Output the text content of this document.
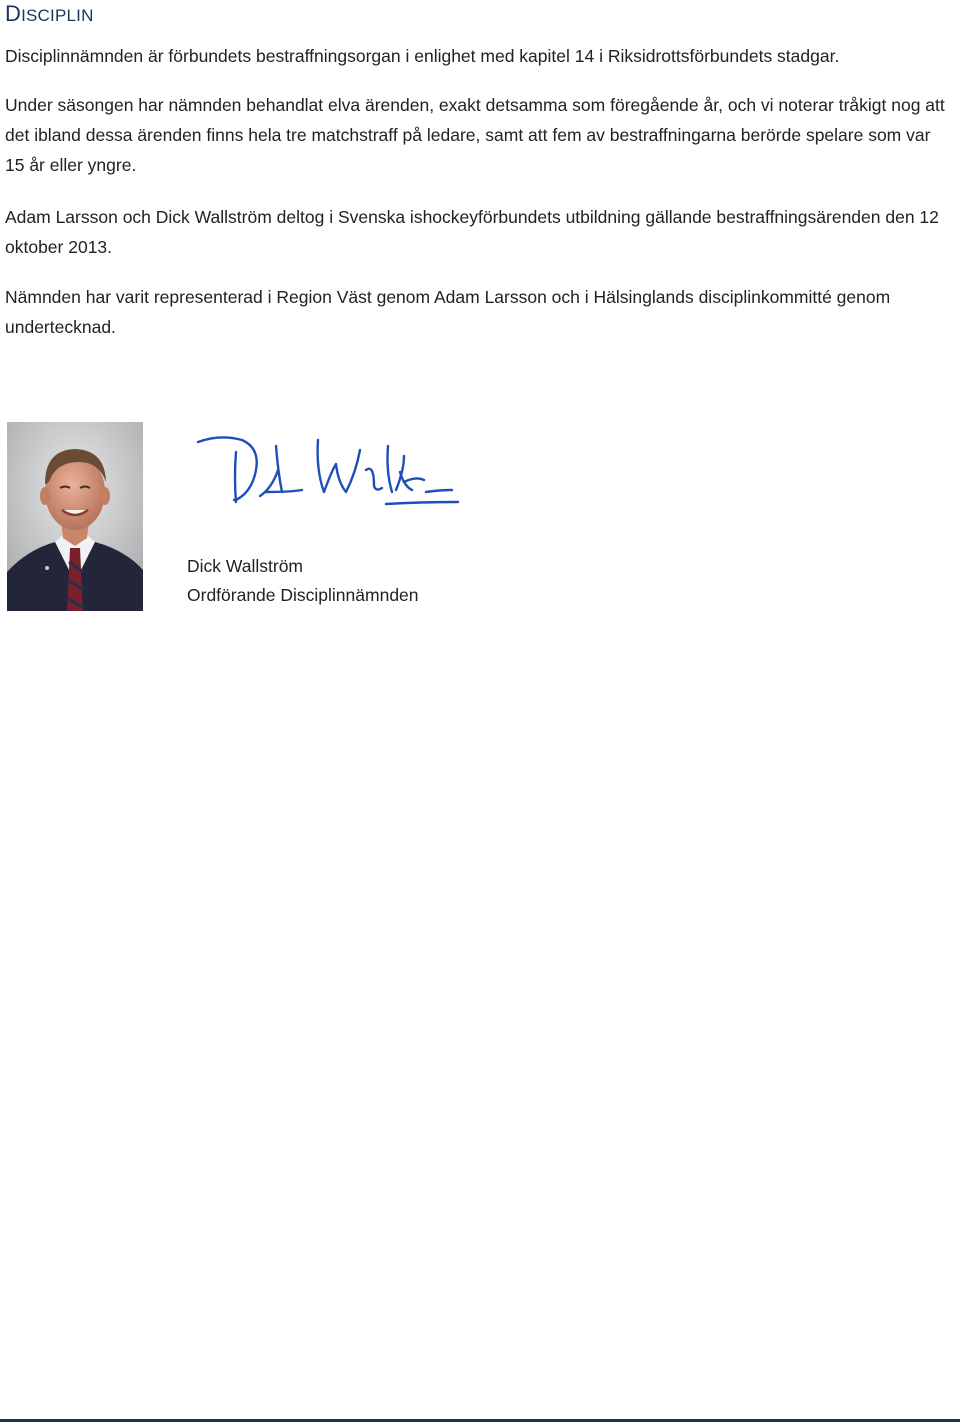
DISCIPLIN

Disciplinnämnden är förbundets bestraffningsorgan i enlighet med kapitel 14 i Riksidrottsförbundets stadgar.

Under säsongen har nämnden behandlat elva ärenden, exakt detsamma som föregående år, och vi noterar tråkigt nog att det ibland dessa ärenden finns hela tre matchstraff på ledare, samt att fem av bestraffningarna berörde spelare som var 15 år eller yngre.

Adam Larsson och Dick Wallström deltog i Svenska ishockeyförbundets utbildning gällande bestraffningsärenden den 12 oktober 2013.

Nämnden har varit representerad i Region Väst genom Adam Larsson och i Hälsinglands disciplinkommitté genom undertecknad.

Dick Wallström
Ordförande Disciplinnämnden
